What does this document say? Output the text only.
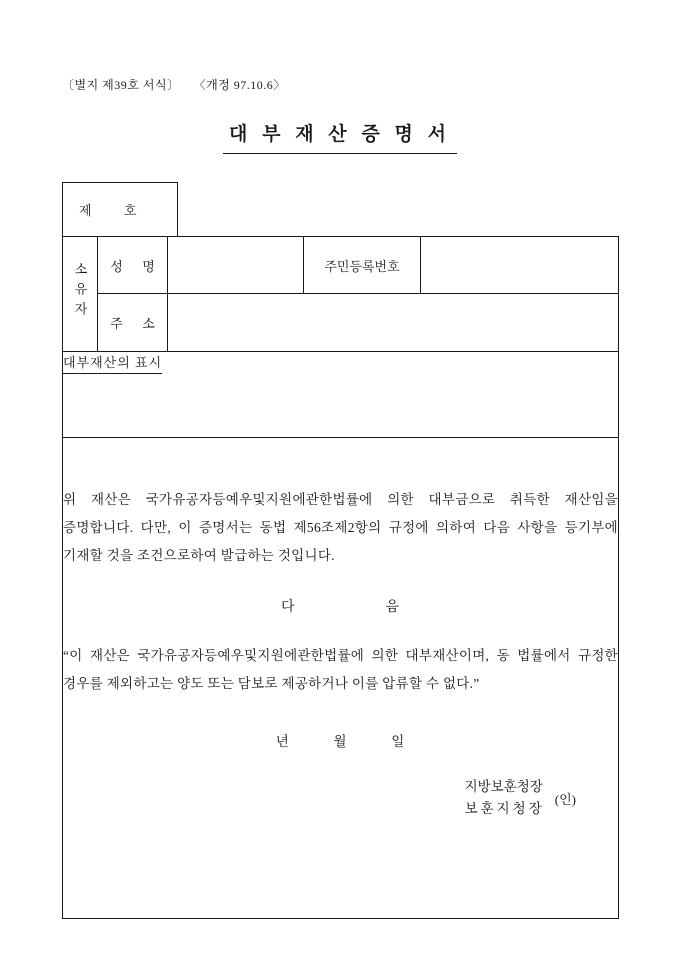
〔별지 제39호 서식〕 〈개정 97.10.6〉
대 부 재 산 증 명 서
제          호
소유자	성      명		주민등록번호	
	주      소			
대부재산의 표시				

위 재산은 국가유공자등예우및지원에관한법률에 의한 대부금으로 취득한 재산임을 증명합니다. 다만, 이 증명서는 동법 제56조제2항의 규정에 의하여 다음 사항을 등기부에 기재할 것을 조건으로하여 발급하는 것입니다.

다                    음

“이 재산은 국가유공자등예우및지원에관한법률에 의한 대부재산이며, 동 법률에서 규정한 경우를 제외하고는 양도 또는 담보로 제공하거나 이를 압류할 수 없다.”

년          월          일
지방보훈청장
보훈지청장
(인)
